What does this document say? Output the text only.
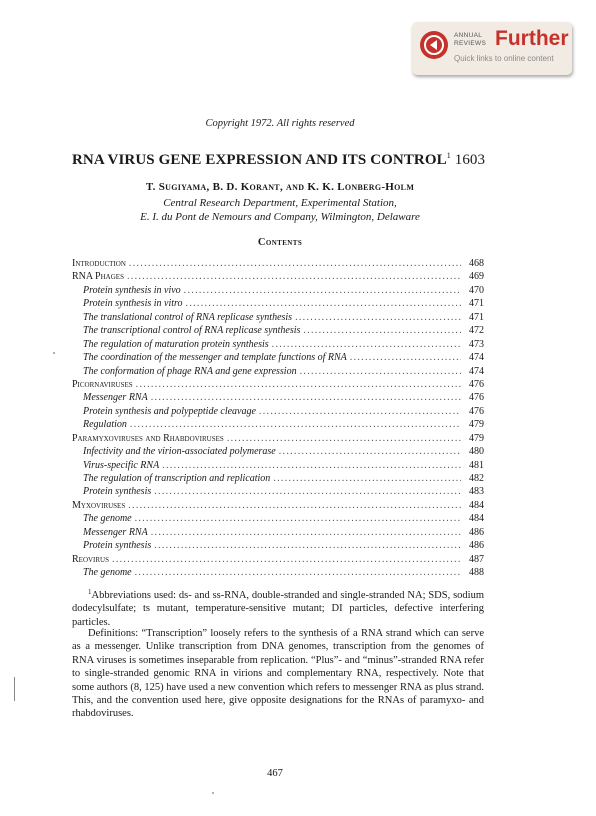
ANNUAL
REVIEWS Further
Quick links to online content
Copyright 1972. All rights reserved
RNA VIRUS GENE EXPRESSION AND ITS CONTROL$^1$ 1603
T. Sugiyama, B. D. Korant, and K. K. Lonberg-Holm
Central Research Department, Experimental Station,
E. I. du Pont de Nemours and Company, Wilmington, Delaware
Contents
Introduction . . .	468
RNA Phages . . .	469
Protein synthesis in vivo . . .	470
Protein synthesis in vitro . . .	471
The translational control of RNA replicase synthesis . . .	471
The transcriptional control of RNA replicase synthesis . . .	472
The regulation of maturation protein synthesis . . .	473
The coordination of the messenger and template functions of RNA . . .	474
The conformation of phage RNA and gene expression . . .	474
Picornaviruses . . .	476
Messenger RNA . . .	476
Protein synthesis and polypeptide cleavage . . .	476
Regulation . . .	479
Paramyxoviruses and Rhabdoviruses . . .	479
Infectivity and the virion-associated polymerase . . .	480
Virus-specific RNA . . .	481
The regulation of transcription and replication . . .	482
Protein synthesis . . .	483
Myxoviruses . . .	484
The genome . . .	484
Messenger RNA . . .	486
Protein synthesis . . .	486
Reovirus . . .	487
The genome . . .	488

$^1$Abbreviations used: ds- and ss-RNA, double-stranded and single-stranded NA; SDS, sodium dodecylsulfate; ts mutant, temperature-sensitive mutant; DI particles, defective interfering particles.

Definitions: “Transcription” loosely refers to the synthesis of a RNA strand which can serve as a messenger. Unlike transcription from DNA genomes, transcription from the genomes of RNA viruses is sometimes inseparable from replication. “Plus”- and “minus”-stranded RNA refer to single-stranded genomic RNA in virions and complementary RNA, respectively. Note that some authors (8, 125) have used a new convention which refers to messenger RNA as plus strand. This, and the convention used here, give opposite designations for the RNAs of paramyxo- and rhabdoviruses.

467
